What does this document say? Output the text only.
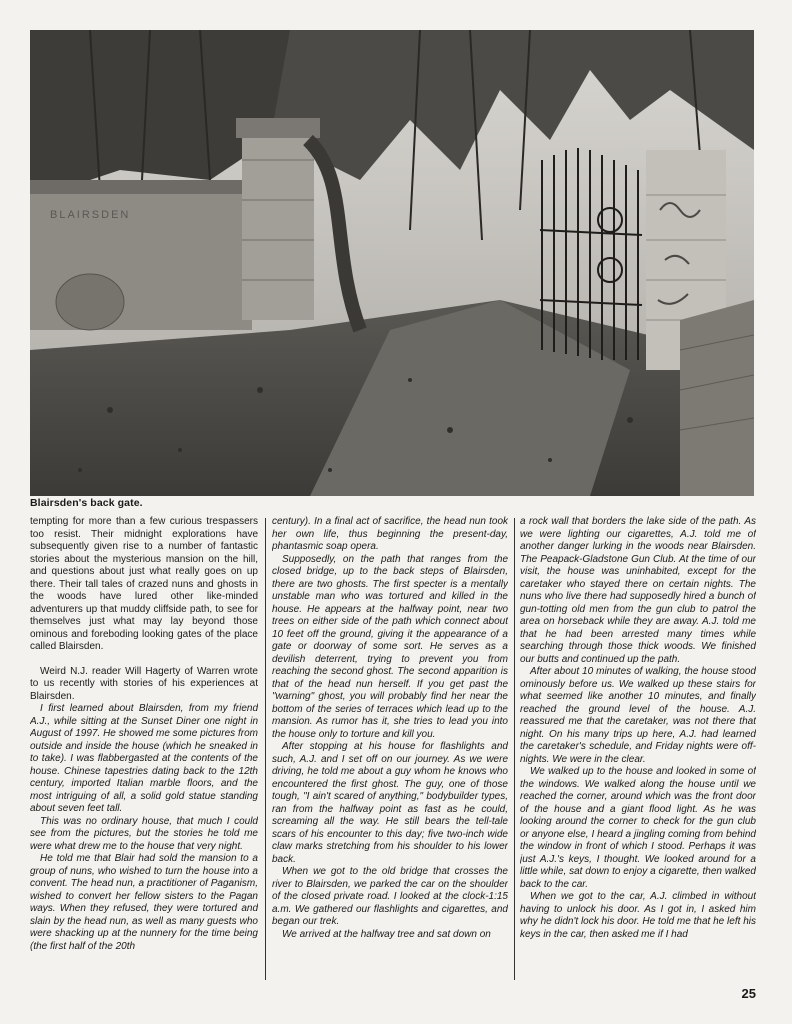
BLAIRSDEN
Blairsden's back gate.

tempting for more than a few curious trespassers too resist. Their midnight explorations have subsequently given rise to a number of fantastic stories about the mysterious mansion on the hill, and questions about just what really goes on up there. Their tall tales of crazed nuns and ghosts in the woods have lured other like-minded adventurers up that muddy cliffside path, to see for themselves just what may lay beyond those ominous and foreboding looking gates of the place called Blairsden.

Weird N.J. reader Will Hagerty of Warren wrote to us recently with stories of his experiences at Blairsden.

I first learned about Blairsden, from my friend A.J., while sitting at the Sunset Diner one night in August of 1997. He showed me some pictures from outside and inside the house (which he sneaked in to take). I was flabbergasted at the contents of the house. Chinese tapestries dating back to the 12th century, imported Italian marble floors, and the most intriguing of all, a solid gold statue standing about seven feet tall.

This was no ordinary house, that much I could see from the pictures, but the stories he told me were what drew me to the house that very night.

He told me that Blair had sold the mansion to a group of nuns, who wished to turn the house into a convent. The head nun, a practitioner of Paganism, wished to convert her fellow sisters to the Pagan ways. When they refused, they were tortured and slain by the head nun, as well as many guests who were shacking up at the nunnery for the time being (the first half of the 20th

century). In a final act of sacrifice, the head nun took her own life, thus beginning the present-day, phantasmic soap opera.

Supposedly, on the path that ranges from the closed bridge, up to the back steps of Blairsden, there are two ghosts. The first specter is a mentally unstable man who was tortured and killed in the house. He appears at the halfway point, near two trees on either side of the path which connect about 10 feet off the ground, giving it the appearance of a gate or doorway of some sort. He serves as a devilish deterrent, trying to prevent you from reaching the second ghost. The second apparition is that of the head nun herself. If you get past the "warning" ghost, you will probably find her near the bottom of the series of terraces which lead up to the mansion. As rumor has it, she tries to lead you into the house only to torture and kill you.

After stopping at his house for flashlights and such, A.J. and I set off on our journey. As we were driving, he told me about a guy whom he knows who encountered the first ghost. The guy, one of those tough, "I ain't scared of anything," bodybuilder types, ran from the halfway point as fast as he could, screaming all the way. He still bears the tell-tale scars of his encounter to this day; five two-inch wide claw marks stretching from his shoulder to his lower back.

When we got to the old bridge that crosses the river to Blairsden, we parked the car on the shoulder of the closed private road. I looked at the clock-1:15 a.m. We gathered our flashlights and cigarettes, and began our trek.

We arrived at the halfway tree and sat down on

a rock wall that borders the lake side of the path. As we were lighting our cigarettes, A.J. told me of another danger lurking in the woods near Blairsden. The Peapack-Gladstone Gun Club. At the time of our visit, the house was uninhabited, except for the caretaker who stayed there on certain nights. The nuns who live there had supposedly hired a bunch of gun-totting old men from the gun club to patrol the area on horseback while they are away. A.J. told me that he had been arrested many times while searching through those thick woods. We finished our butts and continued up the path.

After about 10 minutes of walking, the house stood ominously before us. We walked up these stairs for what seemed like another 10 minutes, and finally reached the ground level of the house. A.J. reassured me that the caretaker, was not there that night. On his many trips up here, A.J. had learned the caretaker's schedule, and Friday nights were off-nights. We were in the clear.

We walked up to the house and looked in some of the windows. We walked along the house until we reached the corner, around which was the front door of the house and a giant flood light. As he was looking around the corner to check for the gun club or anyone else, I heard a jingling coming from behind the window in front of which I stood. Perhaps it was just A.J.'s keys, I thought. We looked around for a little while, sat down to enjoy a cigarette, then walked back to the car.

When we got to the car, A.J. climbed in without having to unlock his door. As I got in, I asked him why he didn't lock his door. He told me that he left his keys in the car, then asked me if I had

25
